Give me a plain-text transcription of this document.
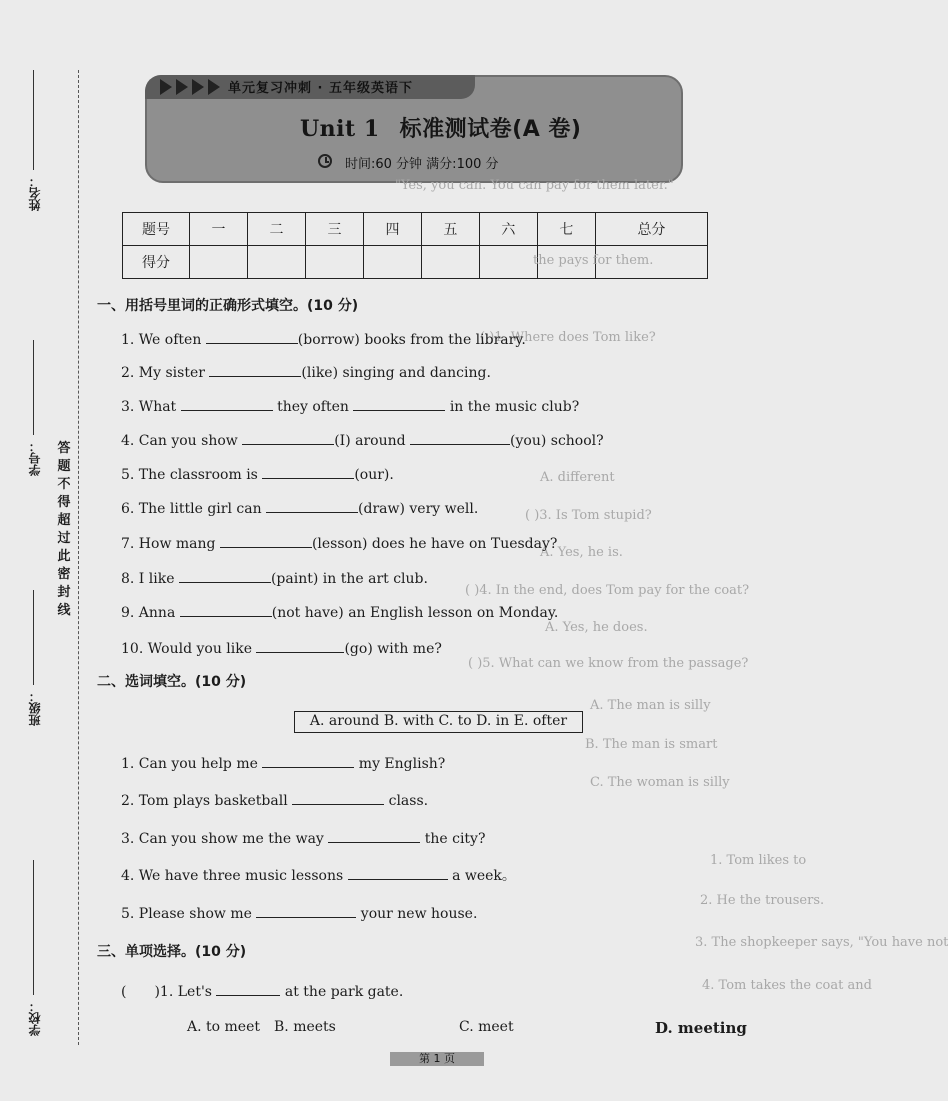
姓名：
学号：
班级：
学校：
答题不得超过此密封线
单元复习冲刺 · 五年级英语下
Unit 1 标准测试卷(A 卷)
时间:60 分钟 满分:100 分
题号	一	二	三	四	五	六	七	总分
得分								
"Yes, you can. You can pay for them later."
the pays for them.
( )1. Where does Tom like?
A. different
( )3. Is Tom stupid?
A. Yes, he is.
( )4. In the end, does Tom pay for the coat?
A. Yes, he does.
( )5. What can we know from the passage?
A. The man is silly
B. The man is smart
C. The woman is silly
1. Tom likes to
2. He the trousers.
3. The shopkeeper says, "You have not
4. Tom takes the coat and
一、用括号里词的正确形式填空。(10 分)
1. We often	(borrow) books from the library.
2. My sister	(like) singing and dancing.
3. What	they often	in the music club?
4. Can you show	(I) around	(you) school?
5. The classroom is	(our).
6. The little girl can	(draw) very well.
7. How mang	(lesson) does he have on Tuesday?
8. I like	(paint) in the art club.
9. Anna	(not have) an English lesson on Monday.
10. Would you like	(go) with me?
二、选词填空。(10 分)
A. around B. with C. to D. in E. ofter
1. Can you help me	my English?
2. Tom plays basketball	class.
3. Can you show me the way	the city?
4. We have three music lessons	a week。
5. Please show me	your new house.
三、单项选择。(10 分)
( )1. Let's	at the park gate.
A. to meet B. meets	C. meet	D. meeting
第 1 页
